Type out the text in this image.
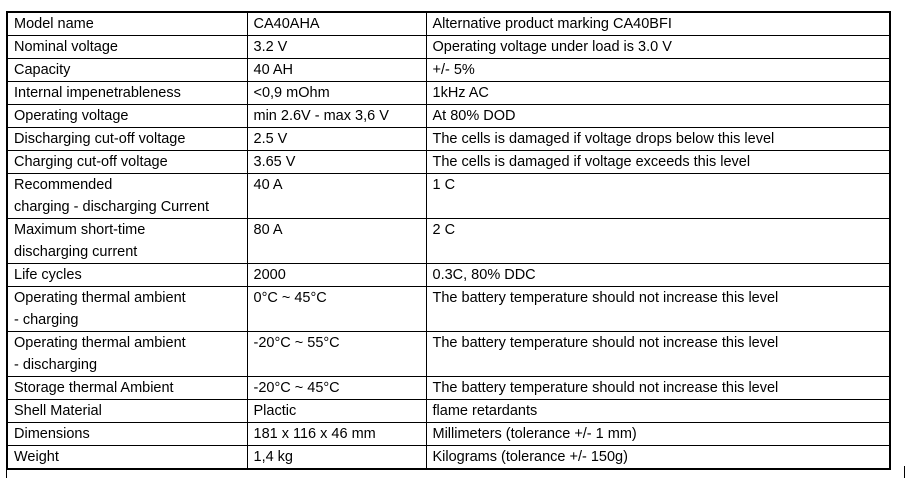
Model name	CA40AHA	Alternative product marking CA40BFI
Nominal voltage	3.2 V	Operating voltage under load is 3.0 V
Capacity	40 AH	+/- 5%
Internal impenetrableness	<0,9 mOhm	1kHz AC
Operating voltage	min 2.6V - max 3,6 V	At 80% DOD
Discharging cut-off voltage	2.5 V	The cells is damaged if voltage drops below this level
Charging cut-off voltage	3.65 V	The cells is damaged if voltage exceeds this level
Recommended
charging - discharging Current	40 A	1 C
Maximum short-time
discharging current	80 A	2 C
Life cycles	2000	0.3C, 80% DDC
Operating thermal ambient
- charging	0°C ~ 45°C	The battery temperature should not increase this level
Operating thermal ambient
- discharging	-20°C ~ 55°C	The battery temperature should not increase this level
Storage thermal Ambient	-20°C ~ 45°C	The battery temperature should not increase this level
Shell Material	Plactic	flame retardants
Dimensions	181 x 116 x 46 mm	Millimeters (tolerance +/- 1 mm)
Weight	1,4 kg	Kilograms (tolerance +/- 150g)
